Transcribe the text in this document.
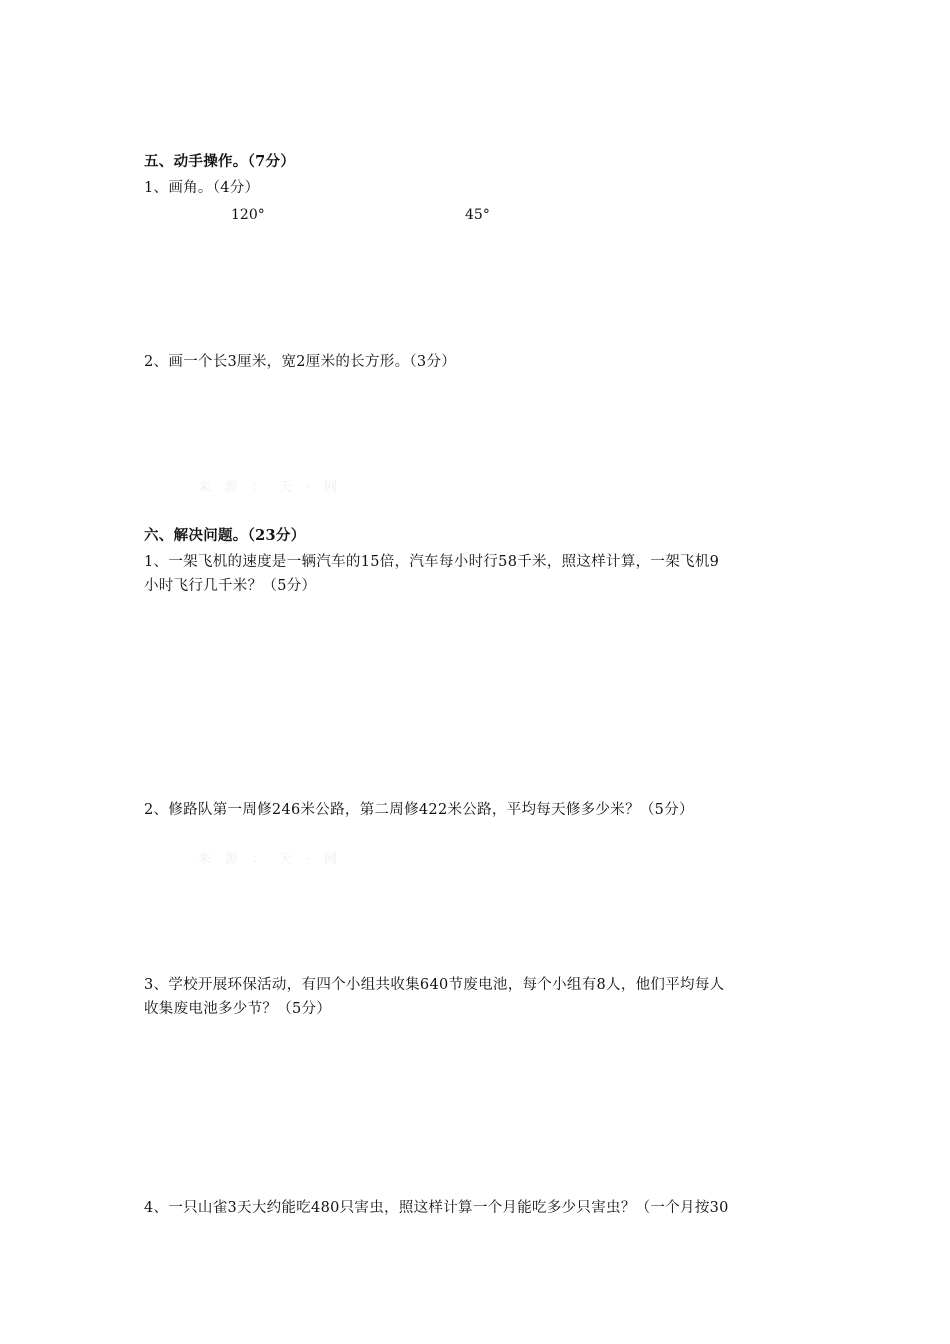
五、动手操作。（7分）
1、画角。（4分）
120°	45°
2、画一个长3厘米，宽2厘米的长方形。（3分）
来源：天·网
六、解决问题。（23分）
1、一架飞机的速度是一辆汽车的15倍，汽车每小时行58千米，照这样计算，一架飞机9
小时飞行几千米？（5分）
2、修路队第一周修246米公路，第二周修422米公路，平均每天修多少米？（5分）
来源：天·网
3、学校开展环保活动，有四个小组共收集640节废电池，每个小组有8人，他们平均每人
收集废电池多少节？（5分）
4、一只山雀3天大约能吃480只害虫，照这样计算一个月能吃多少只害虫？（一个月按30
